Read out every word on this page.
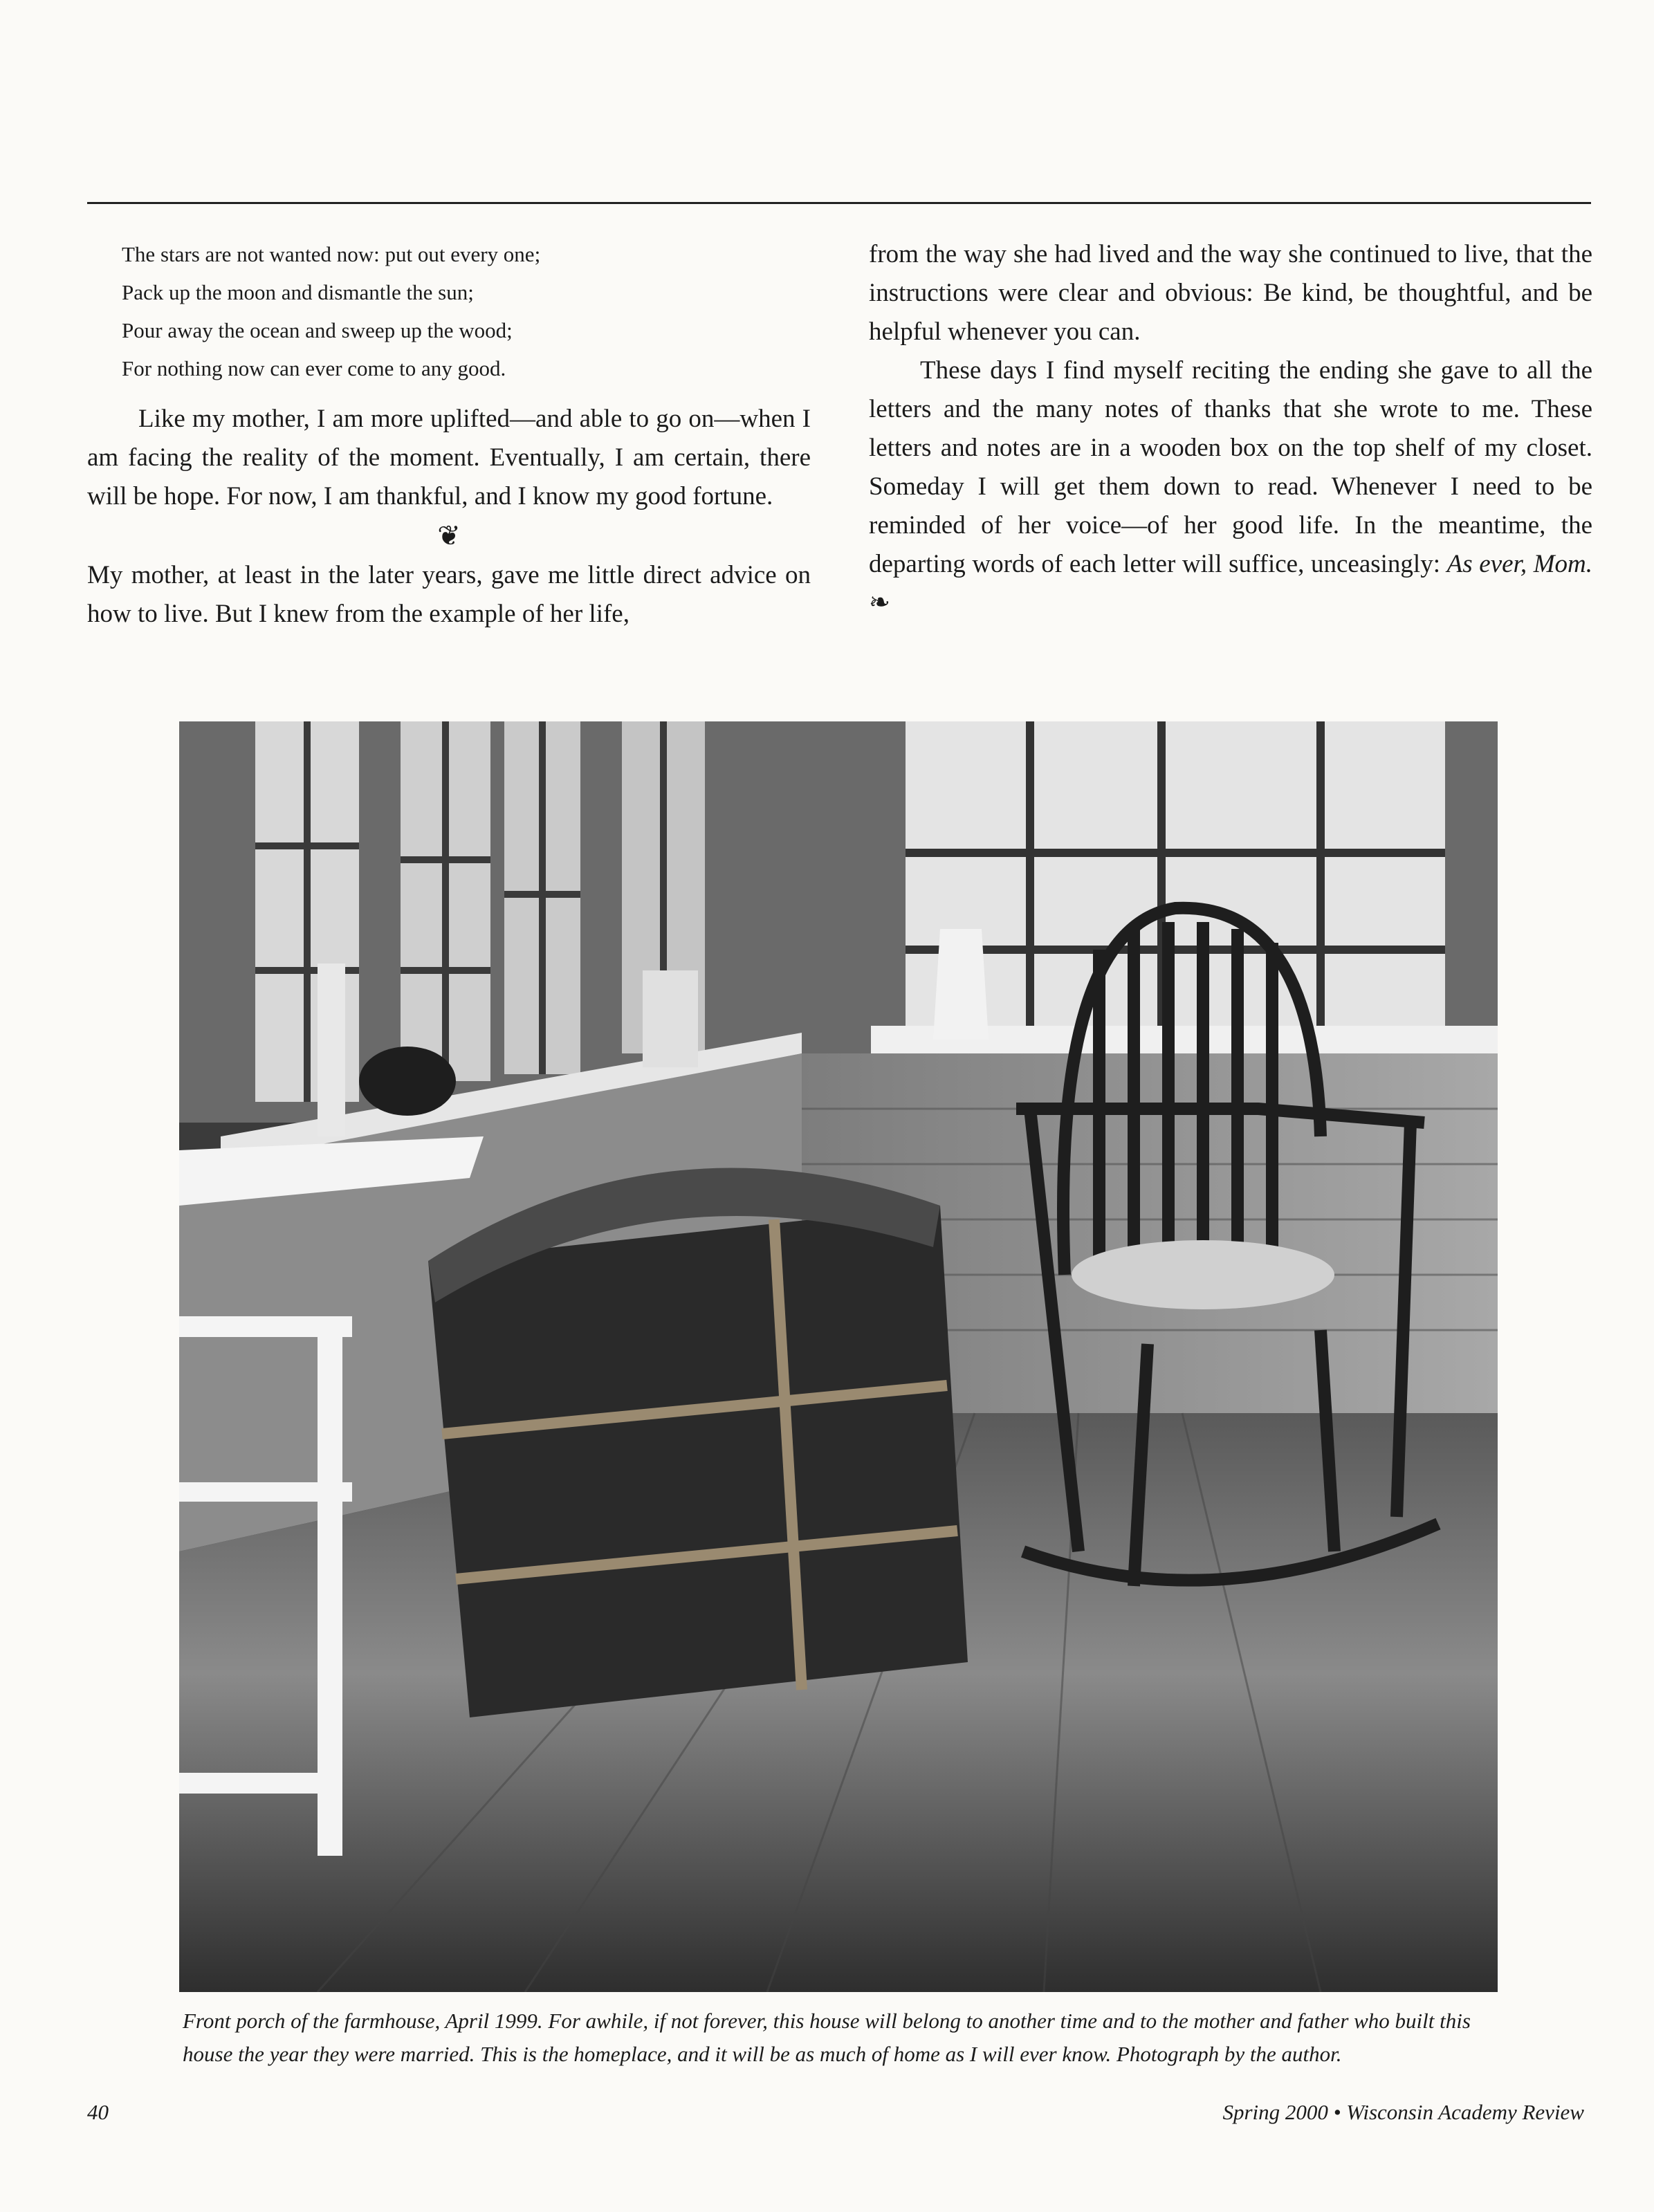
The stars are not wanted now: put out every one;
Pack up the moon and dismantle the sun;
Pour away the ocean and sweep up the wood;
For nothing now can ever come to any good.

Like my mother, I am more uplifted—and able to go on—when I am facing the reality of the moment. Eventually, I am certain, there will be hope. For now, I am thankful, and I know my good fortune.

❦

My mother, at least in the later years, gave me little direct advice on how to live. But I knew from the example of her life,

from the way she had lived and the way she continued to live, that the instructions were clear and obvious: Be kind, be thoughtful, and be helpful whenever you can.

These days I find myself reciting the ending she gave to all the letters and the many notes of thanks that she wrote to me. These letters and notes are in a wooden box on the top shelf of my closet. Someday I will get them down to read. Whenever I need to be reminded of her voice—of her good life. In the meantime, the departing words of each letter will suffice, unceasingly: As ever, Mom. ❧

Front porch of the farmhouse, April 1999. For awhile, if not forever, this house will belong to another time and to the mother and father who built this house the year they were married. This is the homeplace, and it will be as much of home as I will ever know. Photograph by the author.
40	Spring 2000 • Wisconsin Academy Review
